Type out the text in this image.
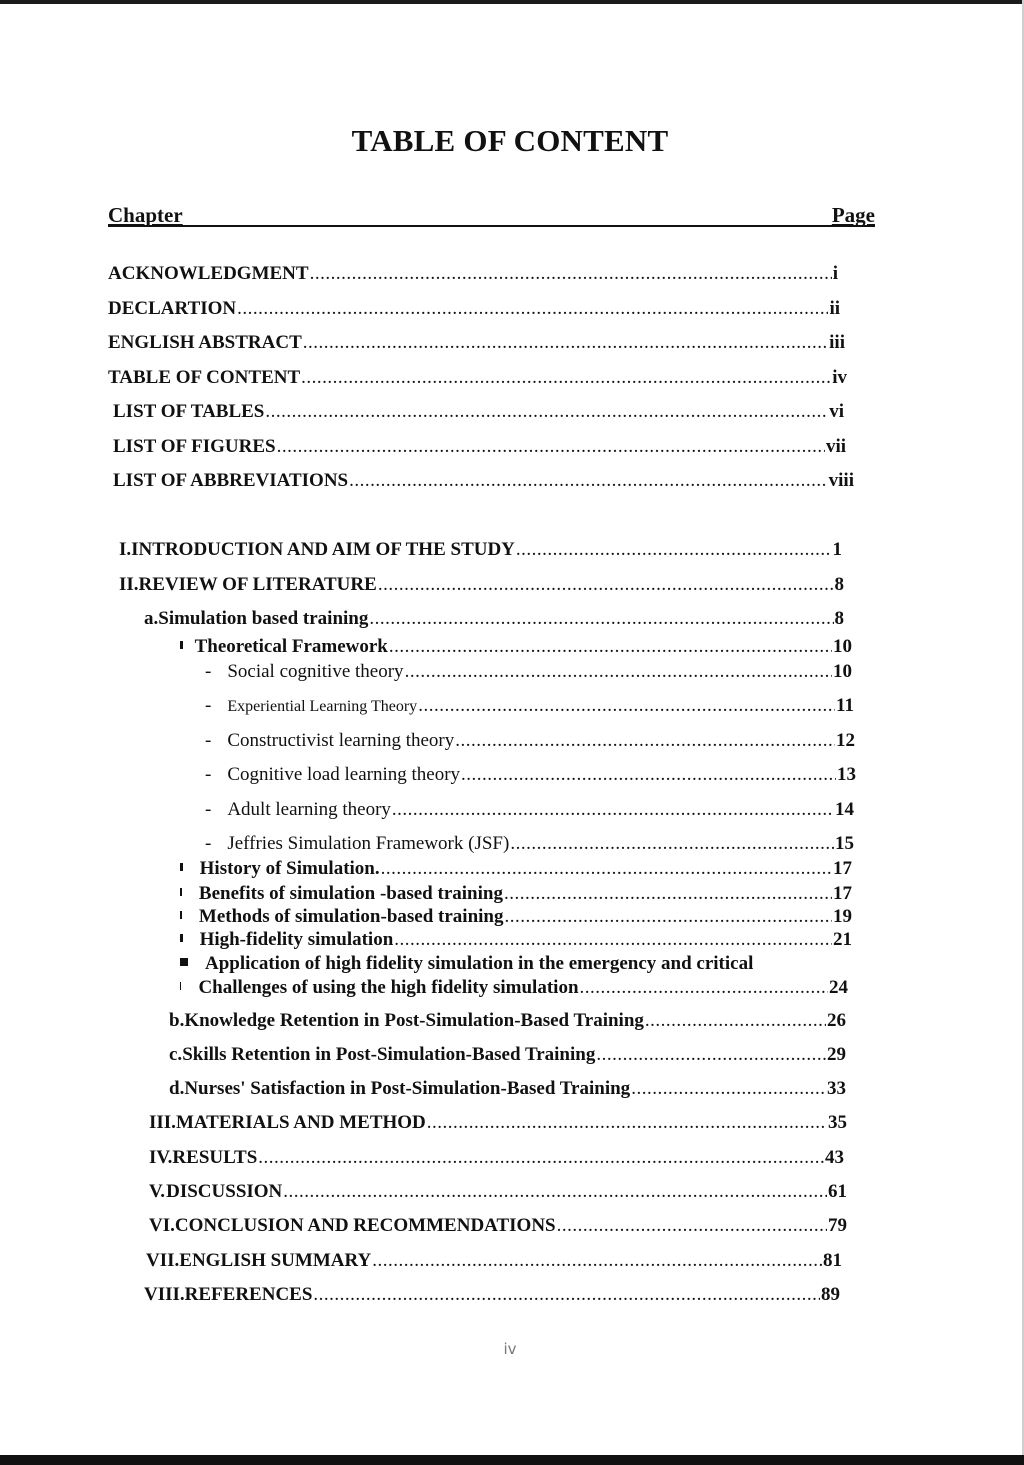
TABLE OF CONTENT
Chapter	Page
ACKNOWLEDGMENT .....	i
DECLARTION .....	ii
ENGLISH ABSTRACT .....	iii
TABLE OF CONTENT .....	iv
LIST OF TABLES .....	vi
LIST OF FIGURES .....	vii
LIST OF ABBREVIATIONS .....	viii
I. INTRODUCTION AND AIM OF THE STUDY .....	1
II. REVIEW OF LITERATURE .....	8
a. Simulation based training .....	8
Theoretical Framework .....	10
- Social cognitive theory .....	10
- Experiential Learning Theory .....	11
- Constructivist learning theory .....	12
- Cognitive load learning theory .....	13
- Adult learning theory .....	14
- Jeffries Simulation Framework (JSF) .....	15
History of Simulation. .....	17
Benefits of simulation -based training .....	17
Methods of simulation-based training .....	19
High-fidelity simulation .....	21
Application of high fidelity simulation in the emergency and critical
Challenges of using the high fidelity simulation .....	24
b. Knowledge Retention in Post-Simulation-Based Training .....	26
c. Skills Retention in Post-Simulation-Based Training .....	29
d. Nurses' Satisfaction in Post-Simulation-Based Training .....	33
III. MATERIALS AND METHOD .....	35
IV. RESULTS .....	43
V. DISCUSSION .....	61
VI. CONCLUSION AND RECOMMENDATIONS .....	79
VII. ENGLISH SUMMARY .....	81
VIII. REFERENCES .....	89
iv
